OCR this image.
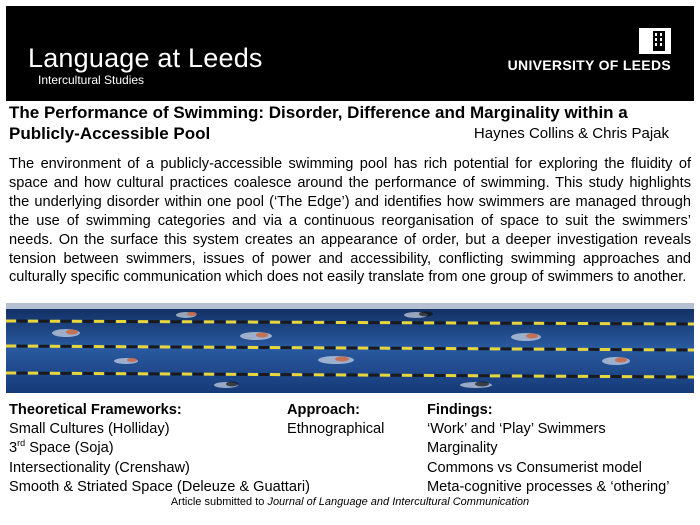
Language at Leeds
Intercultural Studies
UNIVERSITY OF LEEDS
The Performance of Swimming: Disorder, Difference and Marginality within a Publicly-Accessible Pool	Haynes Collins & Chris Pajak
The environment of a publicly-accessible swimming pool has rich potential for exploring the fluidity of space and how cultural practices coalesce around the performance of swimming. This study highlights the underlying disorder within one pool (‘The Edge’) and identifies how swimmers are managed through the use of swimming categories and via a continuous reorganisation of space to suit the swimmers’ needs. On the surface this system creates an appearance of order, but a deeper investigation reveals tension between swimmers, issues of power and accessibility, conflicting swimming approaches and culturally specific communication which does not easily translate from one group of swimmers to another.
Theoretical Frameworks:
Small Cultures (Holliday)
3rd Space (Soja)
Intersectionality (Crenshaw)
Smooth & Striated Space (Deleuze & Guattari)
Approach:
Ethnographical
Findings:
‘Work’ and ‘Play’ Swimmers
Marginality
Commons vs Consumerist model
Meta-cognitive processes & ‘othering’
Article submitted to Journal of Language and Intercultural Communication
